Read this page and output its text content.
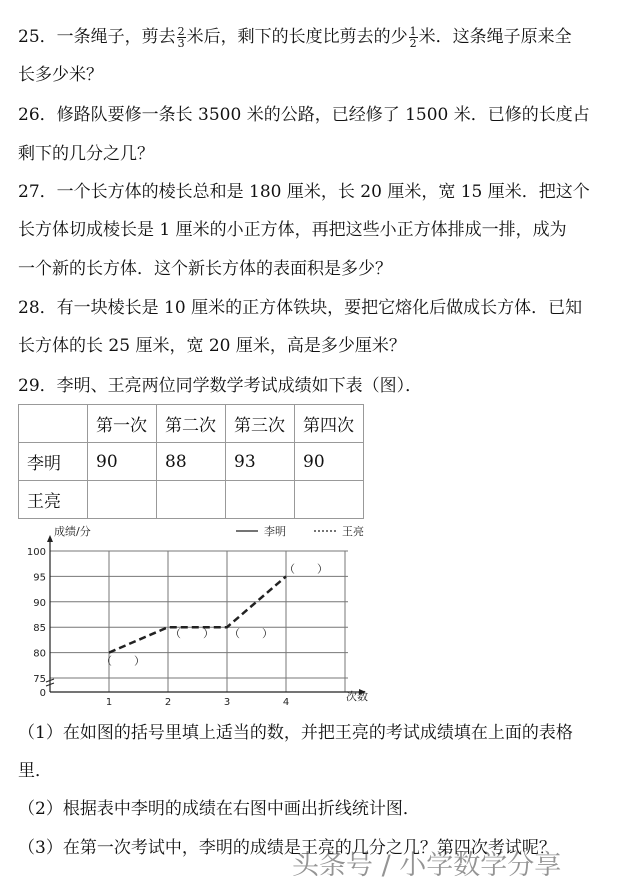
25．一条绳子，剪去 $\frac{2}{3}$ 米后，剩下的长度比剪去的少 $\frac{1}{2}$ 米．这条绳子原来全
长多少米？
26．修路队要修一条长 3500 米的公路，已经修了 1500 米．已修的长度占
剩下的几分之几？
27．一个长方体的棱长总和是 180 厘米，长 20 厘米，宽 15 厘米．把这个
长方体切成棱长是 1 厘米的小正方体，再把这些小正方体排成一排，成为
一个新的长方体．这个新长方体的表面积是多少？
28．有一块棱长是 10 厘米的正方体铁块，要把它熔化后做成长方体．已知
长方体的长 25 厘米，宽 20 厘米，高是多少厘米？
29．李明、王亮两位同学数学考试成绩如下表（图）．
	第一次	第二次	第三次	第四次
李明	90	88	93	90
王亮				
0
75
80
85
90
95
100
1	2	3	4
（　　）
（　　） （　　）
（　　）
李明	王亮
成绩/分
次数
（1）在如图的括号里填上适当的数，并把王亮的考试成绩填在上面的表格
里．
（2）根据表中李明的成绩在右图中画出折线统计图．
（3）在第一次考试中，李明的成绩是王亮的几分之几？第四次考试呢？
头条号 / 小学数学分享
